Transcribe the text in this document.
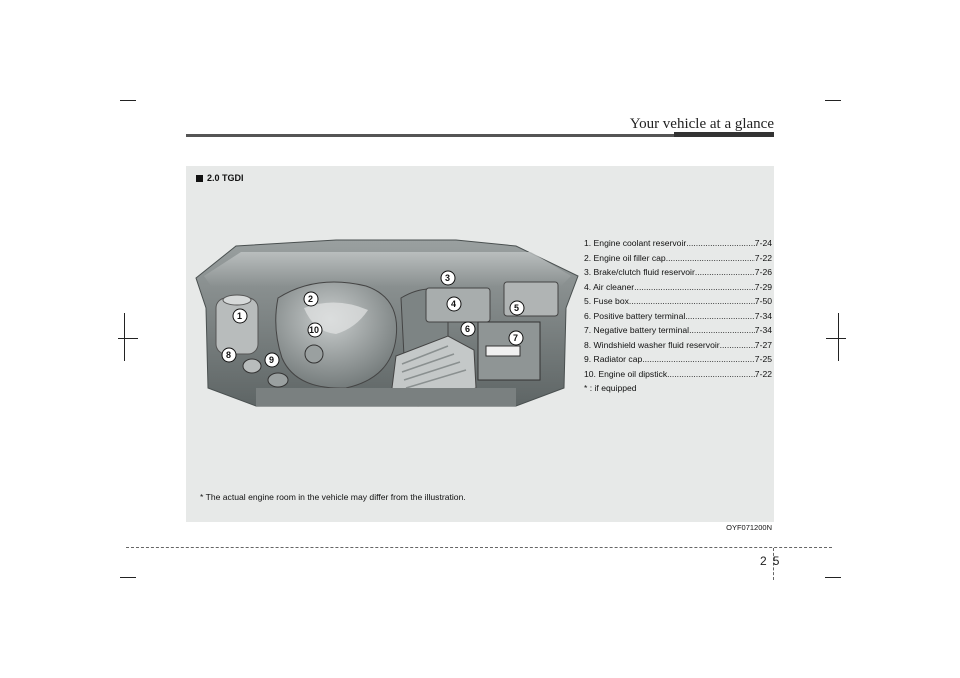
Your vehicle at a glance
2.0 TGDI
1
2
3
4	5
6
7
8	9
10
1. Engine coolant reservoir .....	7-24
2. Engine oil filler cap .....	7-22
3. Brake/clutch fluid reservoir .....	7-26
4. Air cleaner .....	7-29
5. Fuse box .....	7-50
6. Positive battery terminal .....	7-34
7. Negative battery terminal .....	7-34
8. Windshield washer fluid reservoir .....	7-27
9. Radiator cap .....	7-25
10. Engine oil dipstick .....	7-22
* : if equipped
* The actual engine room in the vehicle may differ from the illustration.
OYF071200N
2 5
